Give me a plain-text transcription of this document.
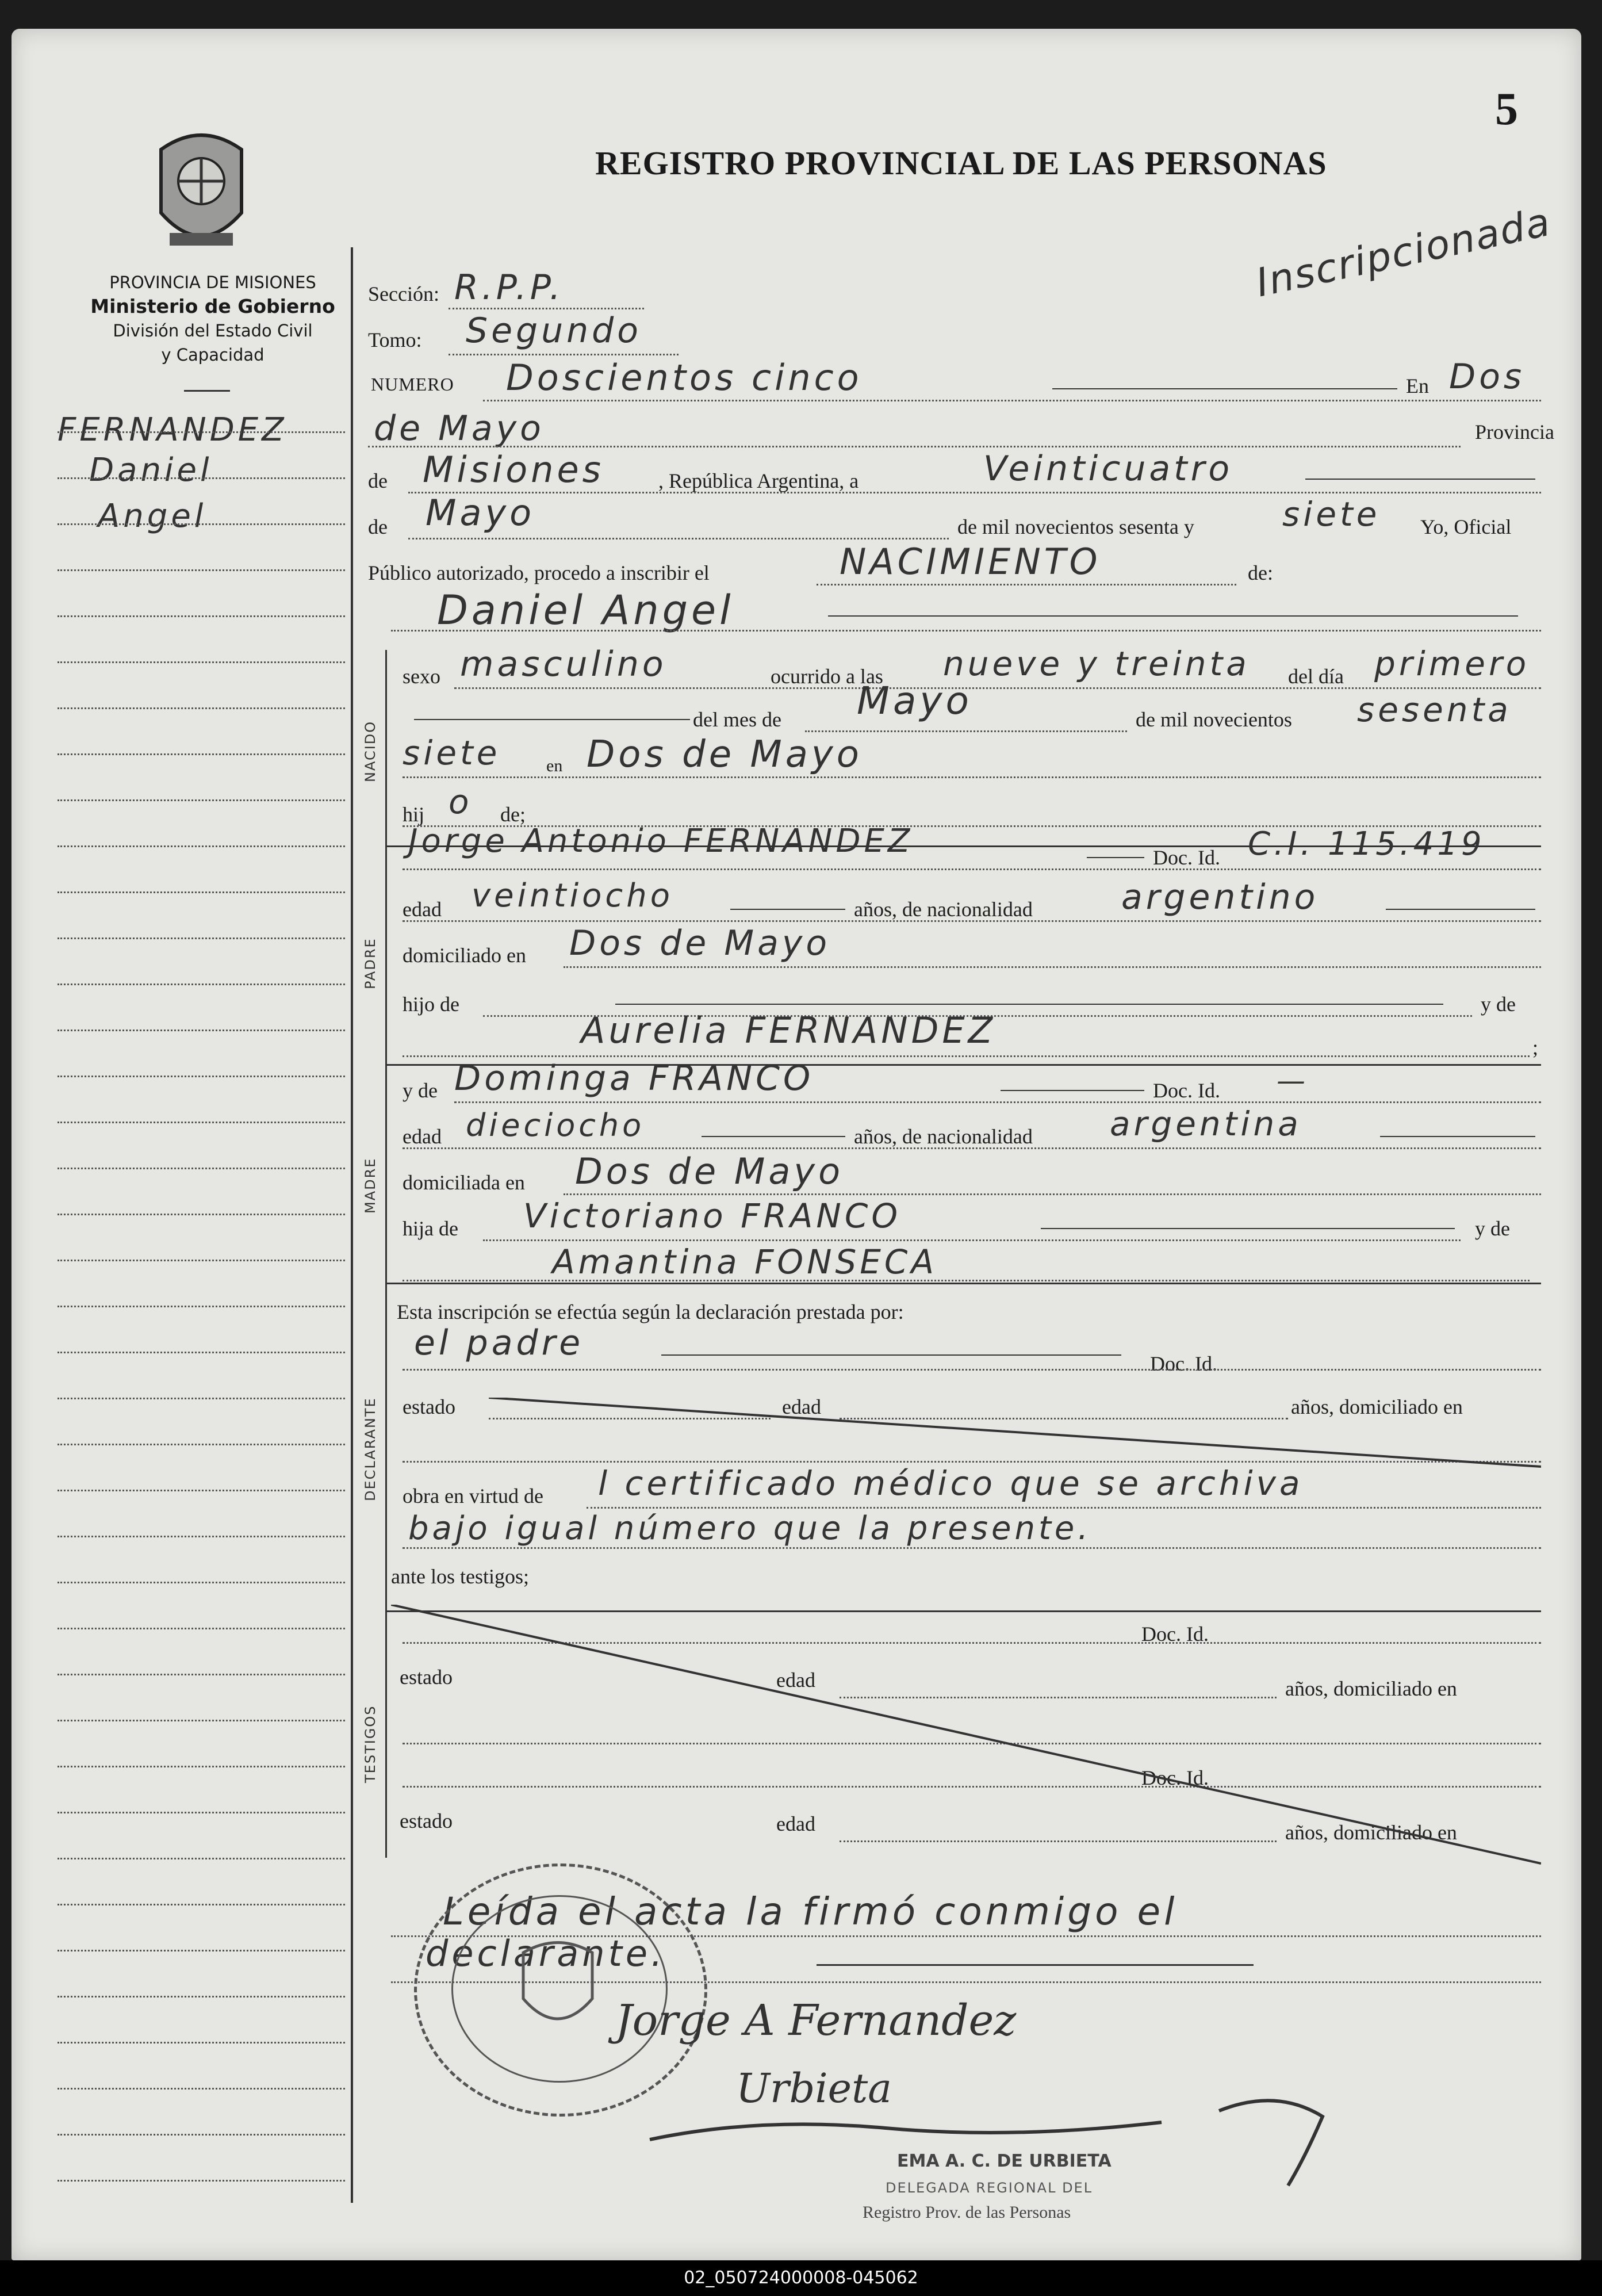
5
REGISTRO PROVINCIAL DE LAS PERSONAS
Inscripcionada
PROVINCIA DE MISIONES
Ministerio de Gobierno
División del Estado Civil
y Capacidad
FERNANDEZ
Daniel
Angel
NACIDO
PADRE
MADRE
DECLARANTE
TESTIGOS
Sección: R.P.P.
Tomo: Segundo
NUMERO Doscientos cinco	En Dos
de Mayo	Provincia
de Misiones	, República Argentina, a	Veinticuatro
de Mayo	de mil novecientos sesenta y	siete Yo, Oficial
Público autorizado, procedo a inscribir el	NACIMIENTO	de:
Daniel Angel
sexo masculino	ocurrido a las nueve y treinta del día primero
del mes de Mayo	de mil novecientos sesenta
siete	en Dos de Mayo
hij o de;
Jorge Antonio FERNANDEZ	Doc. Id. C.I. 115.419
edad veintiocho	años, de nacionalidad	argentino
domiciliado en Dos de Mayo
hijo de	y de
Aurelia FERNANDEZ	;
y de Dominga FRANCO	Doc. Id. —
edad dieciocho	años, de nacionalidad argentina
domiciliada en Dos de Mayo
hija de Victoriano FRANCO	y de
Amantina FONSECA
Esta inscripción se efectúa según la declaración prestada por:
el padre
Doc. Id.
estado	edad	años, domiciliado en
obra en virtud de l certificado médico que se archiva
bajo igual número que la presente.
ante los testigos;
Doc. Id.
estado	edad	años, domiciliado en
Doc. Id.
estado	edad	años, domiciliado en
Leída el acta la firmó conmigo el
declarante.
Jorge A Fernandez
Urbieta
EMA A. C. DE URBIETA
DELEGADA REGIONAL DEL
Registro Prov. de las Personas
02_050724000008-045062
